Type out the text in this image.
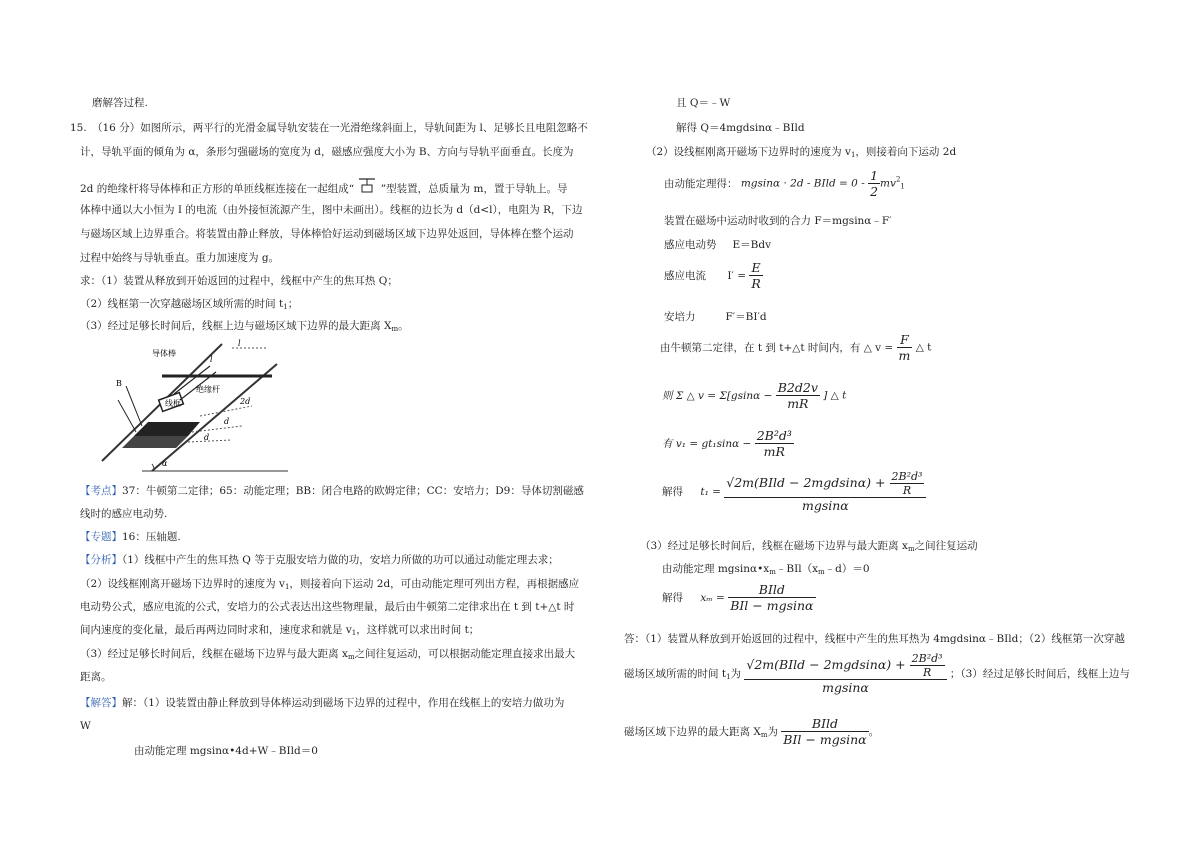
磨解答过程.
15. （16 分）如图所示，两平行的光滑金属导轨安装在一光滑绝缘斜面上，导轨间距为 l、足够长且电阻忽略不
计，导轨平面的倾角为 α，条形匀强磁场的宽度为 d，磁感应强度大小为 B、方向与导轨平面垂直。长度为
2d 的绝缘杆将导体棒和正方形的单匝线框连接在一起组成“	”型装置，总质量为 m，置于导轨上。导
体棒中通以大小恒为 I 的电流（由外接恒流源产生，图中未画出）。线框的边长为 d（d<l），电阻为 R，下边
与磁场区域上边界重合。将装置由静止释放，导体棒恰好运动到磁场区域下边界处返回，导体棒在整个运动
过程中始终与导轨垂直。重力加速度为 g。
求：（1）装置从释放到开始返回的过程中，线框中产生的焦耳热 Q；
（2）线框第一次穿越磁场区域所需的时间 $t_1$；
（3）经过足够长时间后，线框上边与磁场区域下边界的最大距离 $X_m$。
导体棒
绝缘杆
线框
B
l
l
2d
d
d
α
【考点】37：牛顿第二定律；65：动能定理；BB：闭合电路的欧姆定律；CC：安培力；D9：导体切割磁感
线时的感应电动势.
【专题】16：压轴题.
【分析】（1）线框中产生的焦耳热 Q 等于克服安培力做的功，安培力所做的功可以通过动能定理去求；
（2）设线框刚离开磁场下边界时的速度为 $v_1$，则接着向下运动 2d，可由动能定理可列出方程，再根据感应
电动势公式，感应电流的公式，安培力的公式表达出这些物理量，最后由牛顿第二定律求出在 t 到 t+△t 时
间内速度的变化量，最后再两边同时求和，速度求和就是 $v_1$，这样就可以求出时间 t；
（3）经过足够长时间后，线框在磁场下边界与最大距离 $x_m$之间往复运动，可以根据动能定理直接求出最大
距离。
【解答】解：（1）设装置由静止释放到导体棒运动到磁场下边界的过程中，作用在线框上的安培力做功为
W
由动能定理 mgsinα•4d+W﹣BIld＝0
且 Q＝﹣W
解得 Q＝4mgdsinα﹣BIld
（2）设线框刚离开磁场下边界时的速度为 $v_1$，则接着向下运动 2d
由动能定理得： mgsinα · 2d - BIld = $0 - \frac{1}{2} mv^2_1$
装置在磁场中运动时收到的合力 F＝mgsinα﹣F′
感应电动势 E＝Bdv
感应电流 $I' = \frac{E}{R}$
安培力	F′＝BI′d
由牛顿第二定律，在 t 到 t+△t 时间内，有 △ $v = \frac{F}{m}$ △ t
则 Σ △ $v = \Sigma[gsin\alpha - \frac{B2d2v}{mR}$ ] △ t
有 $v_1 = gt_1\sin\alpha - \frac{\text{2B²d³}}{mR}$
解得 $t_1 = \frac{√2m(BIld - 2mgdsin\alpha) + \frac{\text{2B²d³}}{R}}{mgsin\alpha}$
（3）经过足够长时间后，线框在磁场下边界与最大距离 $x_m$之间往复运动
由动能定理 $mgsin\alpha•x_m﹣BIl(x_m﹣d)=0$
解得 $x_m = \frac{\text{BIld}}{\text{BIl − mgsinα}}$
答：（1）装置从释放到开始返回的过程中，线框中产生的焦耳热为 4mgdsinα﹣BIld；（2）线框第一次穿越
磁场区域所需的时间 $t_1$为 $\frac{√2m(BIld - 2mgdsin\alpha) + \frac{\text{2B²d³}}{R}}{mgsin\alpha}$ ；（3）经过足够长时间后，线框上边与
磁场区域下边界的最大距离 $X_m$为 $\frac{\text{BIld}}{\text{BIl − mgsinα}}$ 。
